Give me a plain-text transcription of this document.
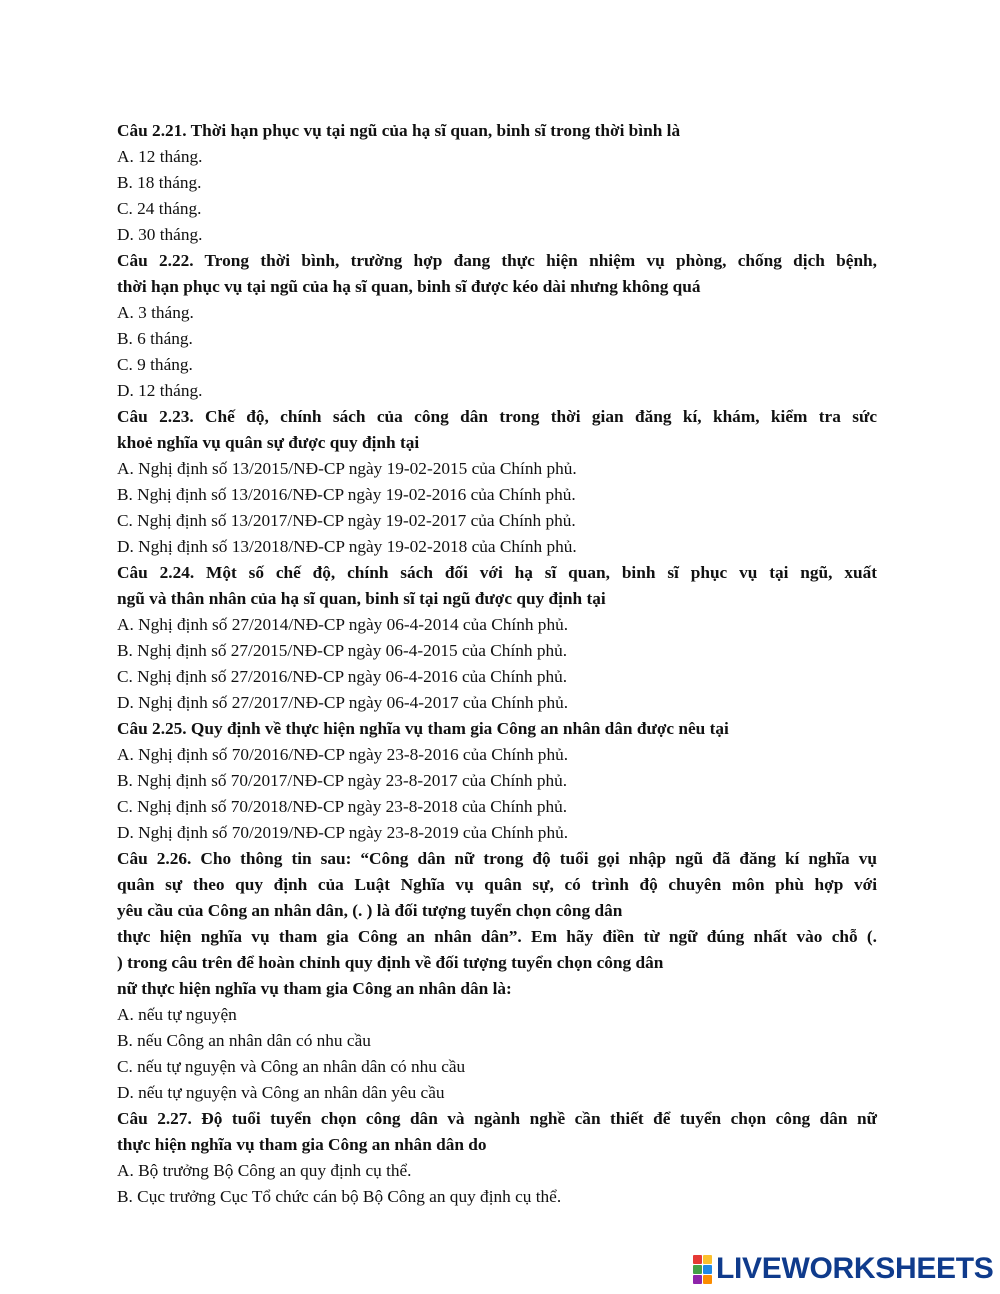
Câu 2.21. Thời hạn phục vụ tại ngũ của hạ sĩ quan, binh sĩ trong thời bình là
A. 12 tháng.
B. 18 tháng.
C. 24 tháng.
D. 30 tháng.
Câu 2.22. Trong thời bình, trường hợp đang thực hiện nhiệm vụ phòng, chống dịch bệnh,
thời hạn phục vụ tại ngũ của hạ sĩ quan, binh sĩ được kéo dài nhưng không quá
A. 3 tháng.
B. 6 tháng.
C. 9 tháng.
D. 12 tháng.
Câu 2.23. Chế độ, chính sách của công dân trong thời gian đăng kí, khám, kiểm tra sức
khoẻ nghĩa vụ quân sự được quy định tại
A. Nghị định số 13/2015/NĐ-CP ngày 19-02-2015 của Chính phủ.
B. Nghị định số 13/2016/NĐ-CP ngày 19-02-2016 của Chính phủ.
C. Nghị định số 13/2017/NĐ-CP ngày 19-02-2017 của Chính phủ.
D. Nghị định số 13/2018/NĐ-CP ngày 19-02-2018 của Chính phủ.
Câu 2.24. Một số chế độ, chính sách đối với hạ sĩ quan, binh sĩ phục vụ tại ngũ, xuất
ngũ và thân nhân của hạ sĩ quan, binh sĩ tại ngũ được quy định tại
A. Nghị định số 27/2014/NĐ-CP ngày 06-4-2014 của Chính phủ.
B. Nghị định số 27/2015/NĐ-CP ngày 06-4-2015 của Chính phủ.
C. Nghị định số 27/2016/NĐ-CP ngày 06-4-2016 của Chính phủ.
D. Nghị định số 27/2017/NĐ-CP ngày 06-4-2017 của Chính phủ.
Câu 2.25. Quy định về thực hiện nghĩa vụ tham gia Công an nhân dân được nêu tại
A. Nghị định số 70/2016/NĐ-CP ngày 23-8-2016 của Chính phủ.
B. Nghị định số 70/2017/NĐ-CP ngày 23-8-2017 của Chính phủ.
C. Nghị định số 70/2018/NĐ-CP ngày 23-8-2018 của Chính phủ.
D. Nghị định số 70/2019/NĐ-CP ngày 23-8-2019 của Chính phủ.
Câu 2.26. Cho thông tin sau: “Công dân nữ trong độ tuổi gọi nhập ngũ đã đăng kí nghĩa vụ
quân sự theo quy định của Luật Nghĩa vụ quân sự, có trình độ chuyên môn phù hợp với
yêu cầu của Công an nhân dân, (. ) là đối tượng tuyển chọn công dân
thực hiện nghĩa vụ tham gia Công an nhân dân”. Em hãy điền từ ngữ đúng nhất vào chỗ (.
) trong câu trên để hoàn chỉnh quy định về đối tượng tuyển chọn công dân
nữ thực hiện nghĩa vụ tham gia Công an nhân dân là:
A. nếu tự nguyện
B. nếu Công an nhân dân có nhu cầu
C. nếu tự nguyện và Công an nhân dân có nhu cầu
D. nếu tự nguyện và Công an nhân dân yêu cầu
Câu 2.27. Độ tuổi tuyển chọn công dân và ngành nghề cần thiết để tuyển chọn công dân nữ
thực hiện nghĩa vụ tham gia Công an nhân dân do
A. Bộ trưởng Bộ Công an quy định cụ thể.
B. Cục trưởng Cục Tổ chức cán bộ Bộ Công an quy định cụ thể.
LIVEWORKSHEETS
